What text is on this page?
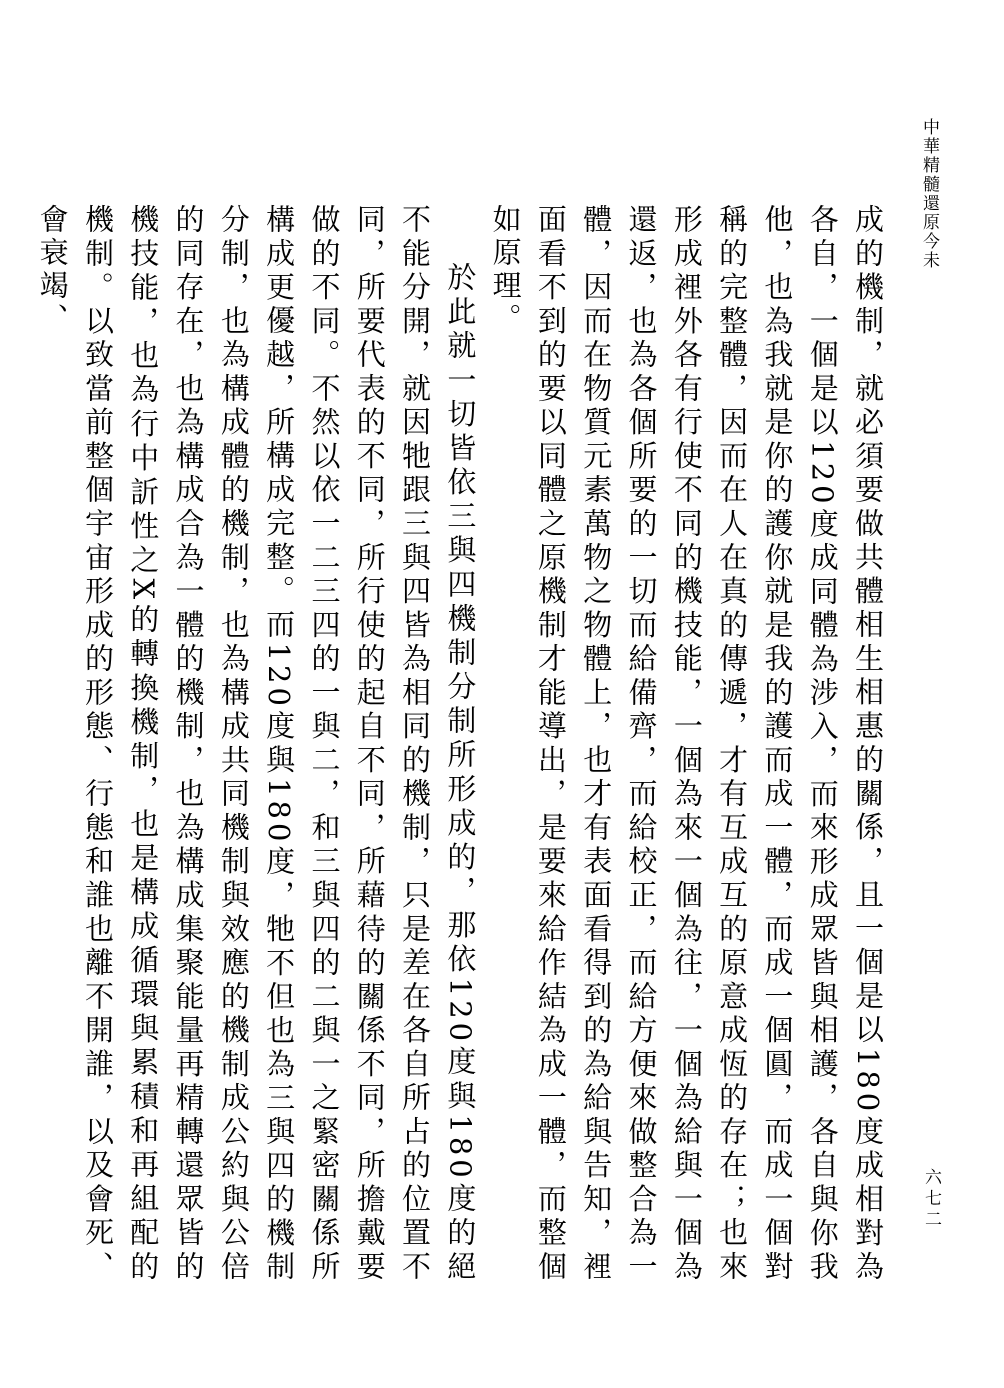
中華精髓還原今未
六七二

成的機制，就必須要做共體相生相惠的關係，且一個是以180度成相對為各自，一個是以120度成同體為涉入，而來形成眾皆與相護，各自與你我他，也為我就是你的護你就是我的護而成一體，而成一個圓，而成一個對稱的完整體，因而在人在真的傳遞，才有互成互的原意成恆的存在；也來形成裡外各有行使不同的機技能，一個為來一個為往，一個為給與一個為還返，也為各個所要的一切而給備齊，而給校正，而給方便來做整合為一體，因而在物質元素萬物之物體上，也才有表面看得到的為給與告知，裡面看不到的要以同體之原機制才能導出，是要來給作結為成一體，而整個如原理。

於此就一切皆依三與四機制分制所形成的，那依120度與180度的絕不能分開，就因牠跟三與四皆為相同的機制，只是差在各自所占的位置不同，所要代表的不同，所行使的起自不同，所藉待的關係不同，所擔戴要做的不同。不然以依一二三四的一與二，和三與四的二與一之緊密關係所構成更優越，所構成完整。而120度與180度，牠不但也為三與四的機制分制，也為構成體的機制，也為構成共同機制與效應的機制成公約與公倍的同存在，也為構成合為一體的機制，也為構成集聚能量再精轉還眾皆的機技能，也為行中訢性之X的轉換機制，也是構成循環與累積和再組配的機制。以致當前整個宇宙形成的形態、行態和誰也離不開誰，以及會死、會衰竭、
